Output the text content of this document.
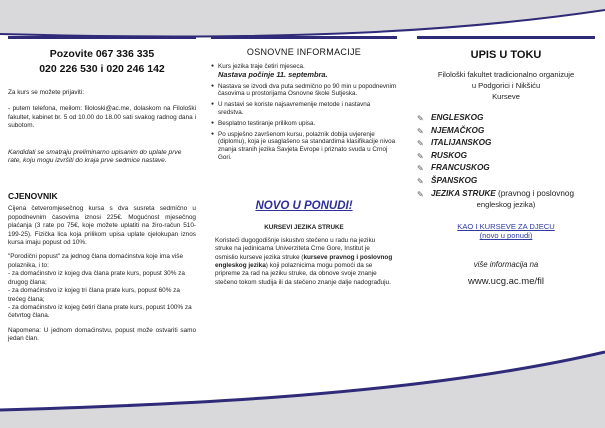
Pozovite 067 336 335
020 226 530 i 020 246 142
Za kurs se možete prijaviti:
- putem telefona, meilom: filoloski@ac.me, dolaskom na Filološki fakultet, kabinet br. 5 od 10.00 do 18.00 sati svakog radnog dana i subotom.
Kandidati se smatraju preliminarno upisanim do uplate prve rate, koju mogu izvršiti do kraja prve sedmice nastave.
CJENOVNIK
Cijena četveromjesečnog kursa s dva susreta sedmično u popodnevnim časovima iznosi 225€. Mogućnost mjesečnog plaćanja (3 rate po 75€, koje možete uplatiti na žiro-račun 510-199-25). Fizička lica koja prilikom upisa uplate cjelokupan iznos kursa imaju popust od 10%.
"Porodični popust" za jednog člana domaćinstva koje ima više polaznika, i to:
- za domaćinstvo iz kojeg dva člana prate kurs, popust 30% za drugog člana;
- za domaćinstvo iz kojeg tri člana prate kurs, popust 60% za trećeg člana;
- za domaćinstvo iz kojeg četiri člana prate kurs, popust 100% za četvrtog člana.
Napomena: U jednom domaćinstvu, popust može ostvariti samo jedan član.
OSNOVNE INFORMACIJE
● Kurs jezika traje četiri mjeseca.
Nastava počinje 11. septembra.
● Nastava se izvodi dva puta sedmično po 90 min u popodnevnim časovima u prostorijama Osnovne škole Sutjeska.
● U nastavi se koriste najsavremenije metode i nastavna sredstva.
● Besplatno testiranje prilikom upisa.
● Po uspješno završenom kursu, polaznik dobija uvjerenje (diplomu), koja je usaglašeno sa standardima klasifikacije nivoa znanja stranih jezika Savjeta Evrope i priznato svuda u Crnoj Gori.
NOVO U PONUDI!
KURSEVI JEZIKA STRUKE
Koristeći dugogodišnje iskustvo stečeno u radu na jeziku struke na jedinicama Univerziteta Crne Gore, Institut je osmislio kurseve jezika struke (kurseve pravnog i poslovnog engleskog jezika) koji polaznicima mogu pomoći da se pripreme za rad na jeziku struke, da obnove svoje znanje stečeno tokom studija ili da stečeno znanje dalje nadograđuju.
UPIS U TOKU
Filološki fakultet tradicionalno organizuje
u Podgorici i Nikšiću
Kurseve
✎ ENGLESKOG
✎ NJEMAČKOG
✎ ITALIJANSKOG
✎ RUSKOG
✎ FRANCUSKOG
✎ ŠPANSKOG
✎ JEZIKA STRUKE (pravnog i poslovnog
engleskog jezika)
KAO I KURSEVE ZA DJECU
(novo u ponudi)
više informacija na
www.ucg.ac.me/fil
